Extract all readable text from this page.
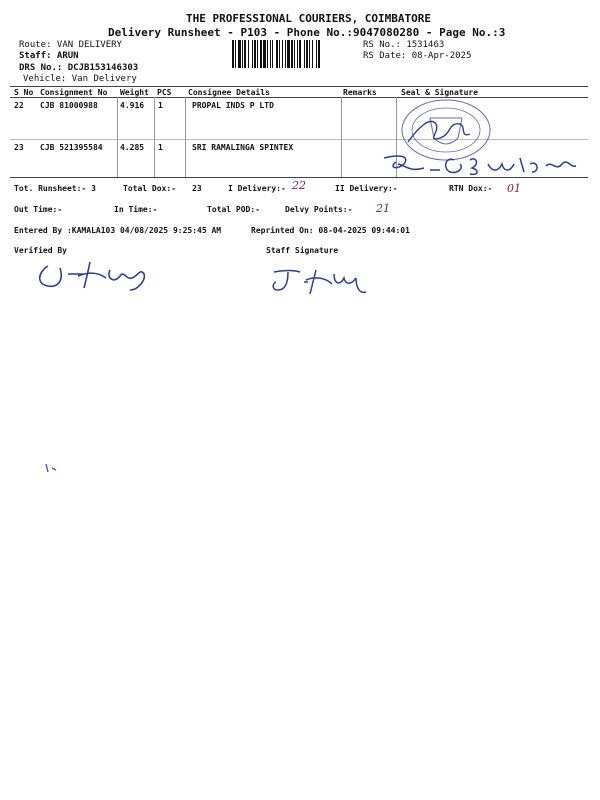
THE PROFESSIONAL COURIERS, COIMBATORE
Delivery Runsheet - P103 - Phone No.:9047080280 - Page No.:3
Route: VAN DELIVERY
Staff: ARUN
DRS No.: DCJB153146303
Vehicle: Van Delivery
RS No.: 1531463
RS Date: 08-Apr-2025
S No Consignment No Weight PCS Consignee Details	Remarks	Seal & Signature
22 CJB 81000988	4.916 1	PROPAL INDS P LTD
23 CJB 521395584 4.285 1	SRI RAMALINGA SPINTEX
Tot. Runsheet:- 3	Total Dox:- 23	I Delivery:- 22	II Delivery:-	RTN Dox:- 01
Out Time:-	In Time:-	Total POD:-	Delvy Points:- 21
Entered By :KAMALA103 04/08/2025 9:25:45 AM	Reprinted On: 08-04-2025 09:44:01
Verified By	Staff Signature
